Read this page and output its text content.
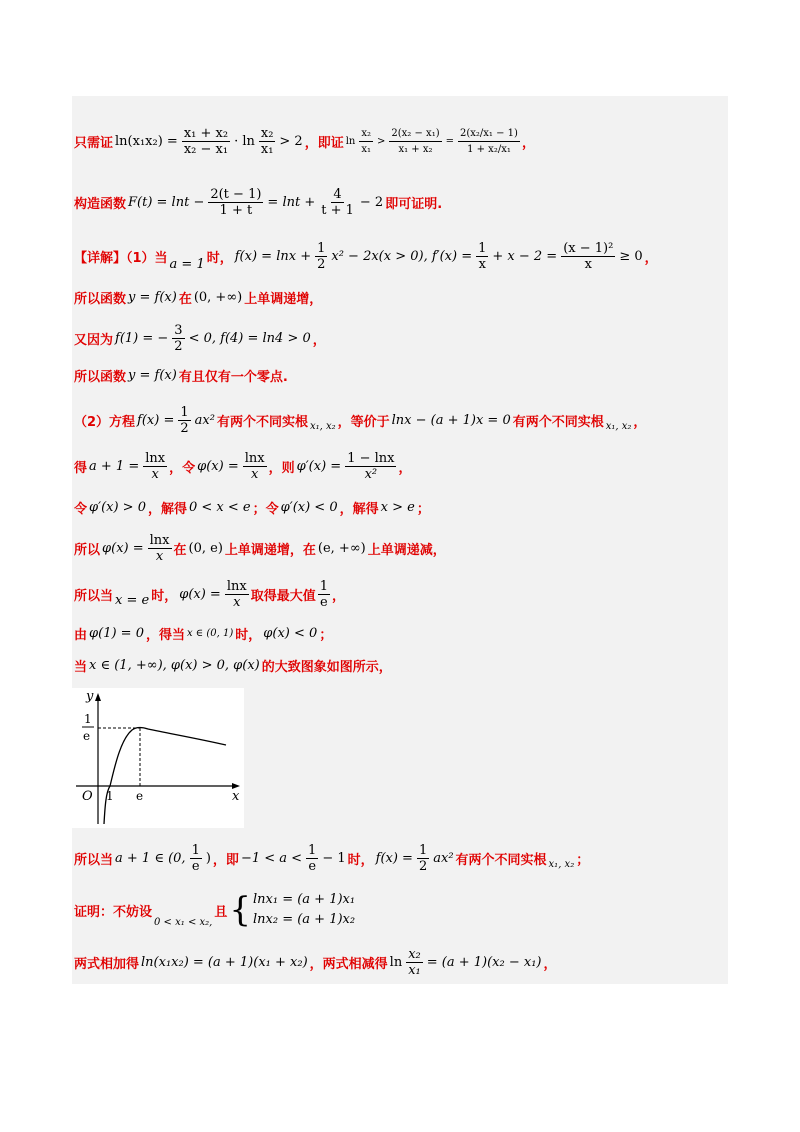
只需证 $\ln(x_1x_2) = \frac{\text{x₁ + x₂}}{\text{x₂ − x₁}} \cdot \ln \frac{\text{x₂}}{\text{x₁}} > 2$ ，即证 $\ln \frac{\text{x₂}}{\text{x₁}} > \frac{\text{2(x₂ − x₁)}}{\text{x₁ + x₂}} = \frac{\text{2(x₂/x₁ − 1)}}{\text{1 + x₂/x₁}}$ ，
构造函数 $F(t) = \ln t - \frac{2(t - 1)}{1 + t} = \ln t + \frac{4}{t + 1} - 2$ 即可证明.
【详解】（1）当 a = 1 时， $f(x) = \ln x + \frac{1}{2} x^2 - 2x(x > 0)$, $f'(x) = \frac{1}{x} + x - 2 = \frac{\text{(x − 1)²}}{x} \ge 0$ ，
所以函数 y = f(x) 在 (0, +∞) 上单调递增，
又因为 f(1) = − $\frac{3}{2} < 0$, f(4) = ln4 > 0 ，
所以函数 y = f(x) 有且仅有一个零点.
（2）方程 $f(x) = \frac{1}{2} ax^2$ 有两个不同实根 x₁, x₂ ，等价于 lnx − (a + 1)x = 0 有两个不同实根 x₁, x₂ ，
得 $a + 1 = \frac{\ln x}{x}$ ，令 $\varphi(x) = \frac{\ln x}{x}$ ，则 $\varphi'(x) = \frac{1 - \ln x}{\text{x²}}$ ，
令 φ′(x) > 0 ，解得 0 < x < e ；令 φ′(x) < 0 ，解得 x > e ；
所以 $\varphi(x) = \frac{\ln x}{x}$ 在 (0, e) 上单调递增，在 (e, +∞) 上单调递减，
所以当 x = e 时， $\varphi(x) = \frac{\ln x}{x}$ 取得最大值 $\frac{1}{e}$ ，
由 φ(1) = 0 ，得当 x ∈ (0, 1) 时， φ(x) < 0 ；
当 x ∈ (1, +∞), φ(x) > 0, φ(x) 的大致图象如图所示，
y
x
O 1 e
1
e
所以当 a + 1 ∈ (0, $\frac{1}{e}$ ) ，即 $-1 < a < \frac{1}{e} - 1$ 时， $f(x) = \frac{1}{2} ax^2$ 有两个不同实根 x₁, x₂ ；
证明：不妨设
0 < x₁ < x₂,
且 { lnx₁ = (a + 1)x₁
lnx₂ = (a + 1)x₂
两式相加得 ln(x₁x₂) = (a + 1)(x₁ + x₂) ，两式相减得 $\ln \frac{\text{x₂}}{\text{x₁}} = (a + 1)(x_2 - x_1)$ ，
